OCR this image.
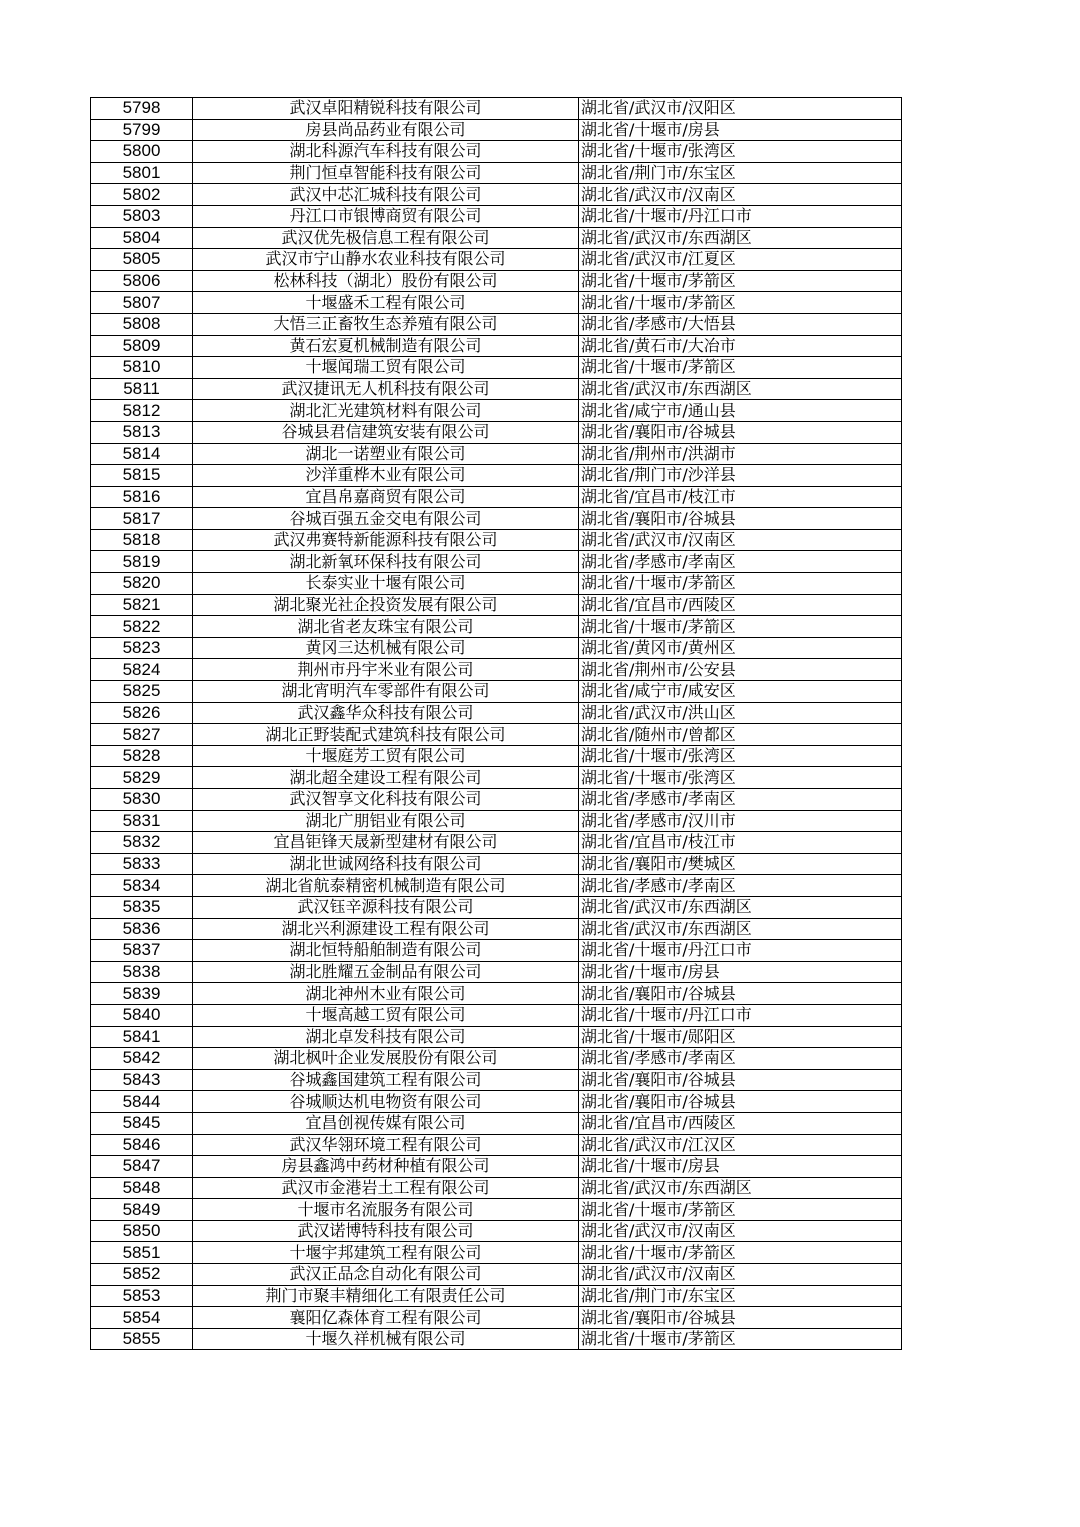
5798	武汉卓阳精锐科技有限公司	湖北省/武汉市/汉阳区
5799	房县尚品药业有限公司	湖北省/十堰市/房县
5800	湖北科源汽车科技有限公司	湖北省/十堰市/张湾区
5801	荆门恒卓智能科技有限公司	湖北省/荆门市/东宝区
5802	武汉中芯汇城科技有限公司	湖北省/武汉市/汉南区
5803	丹江口市银博商贸有限公司	湖北省/十堰市/丹江口市
5804	武汉优先极信息工程有限公司	湖北省/武汉市/东西湖区
5805	武汉市宁山静水农业科技有限公司	湖北省/武汉市/江夏区
5806	松林科技（湖北）股份有限公司	湖北省/十堰市/茅箭区
5807	十堰盛禾工程有限公司	湖北省/十堰市/茅箭区
5808	大悟三正畜牧生态养殖有限公司	湖北省/孝感市/大悟县
5809	黄石宏夏机械制造有限公司	湖北省/黄石市/大冶市
5810	十堰闻瑞工贸有限公司	湖北省/十堰市/茅箭区
5811	武汉捷讯无人机科技有限公司	湖北省/武汉市/东西湖区
5812	湖北汇光建筑材料有限公司	湖北省/咸宁市/通山县
5813	谷城县君信建筑安装有限公司	湖北省/襄阳市/谷城县
5814	湖北一诺塑业有限公司	湖北省/荆州市/洪湖市
5815	沙洋重桦木业有限公司	湖北省/荆门市/沙洋县
5816	宜昌帛嘉商贸有限公司	湖北省/宜昌市/枝江市
5817	谷城百强五金交电有限公司	湖北省/襄阳市/谷城县
5818	武汉弗赛特新能源科技有限公司	湖北省/武汉市/汉南区
5819	湖北新氧环保科技有限公司	湖北省/孝感市/孝南区
5820	长泰实业十堰有限公司	湖北省/十堰市/茅箭区
5821	湖北聚光社企投资发展有限公司	湖北省/宜昌市/西陵区
5822	湖北省老友珠宝有限公司	湖北省/十堰市/茅箭区
5823	黄冈三达机械有限公司	湖北省/黄冈市/黄州区
5824	荆州市丹宇米业有限公司	湖北省/荆州市/公安县
5825	湖北宵明汽车零部件有限公司	湖北省/咸宁市/咸安区
5826	武汉鑫华众科技有限公司	湖北省/武汉市/洪山区
5827	湖北正野装配式建筑科技有限公司	湖北省/随州市/曾都区
5828	十堰庭芳工贸有限公司	湖北省/十堰市/张湾区
5829	湖北超全建设工程有限公司	湖北省/十堰市/张湾区
5830	武汉智享文化科技有限公司	湖北省/孝感市/孝南区
5831	湖北广朋铝业有限公司	湖北省/孝感市/汉川市
5832	宜昌钜锋天晟新型建材有限公司	湖北省/宜昌市/枝江市
5833	湖北世诚网络科技有限公司	湖北省/襄阳市/樊城区
5834	湖北省航泰精密机械制造有限公司	湖北省/孝感市/孝南区
5835	武汉钰辛源科技有限公司	湖北省/武汉市/东西湖区
5836	湖北兴利源建设工程有限公司	湖北省/武汉市/东西湖区
5837	湖北恒特船舶制造有限公司	湖北省/十堰市/丹江口市
5838	湖北胜耀五金制品有限公司	湖北省/十堰市/房县
5839	湖北神州木业有限公司	湖北省/襄阳市/谷城县
5840	十堰高越工贸有限公司	湖北省/十堰市/丹江口市
5841	湖北卓发科技有限公司	湖北省/十堰市/郧阳区
5842	湖北枫叶企业发展股份有限公司	湖北省/孝感市/孝南区
5843	谷城鑫国建筑工程有限公司	湖北省/襄阳市/谷城县
5844	谷城顺达机电物资有限公司	湖北省/襄阳市/谷城县
5845	宜昌创视传媒有限公司	湖北省/宜昌市/西陵区
5846	武汉华翎环境工程有限公司	湖北省/武汉市/江汉区
5847	房县鑫鸿中药材种植有限公司	湖北省/十堰市/房县
5848	武汉市金港岩土工程有限公司	湖北省/武汉市/东西湖区
5849	十堰市名流服务有限公司	湖北省/十堰市/茅箭区
5850	武汉诺博特科技有限公司	湖北省/武汉市/汉南区
5851	十堰宇邦建筑工程有限公司	湖北省/十堰市/茅箭区
5852	武汉正品念自动化有限公司	湖北省/武汉市/汉南区
5853	荆门市聚丰精细化工有限责任公司	湖北省/荆门市/东宝区
5854	襄阳亿森体育工程有限公司	湖北省/襄阳市/谷城县
5855	十堰久祥机械有限公司	湖北省/十堰市/茅箭区
